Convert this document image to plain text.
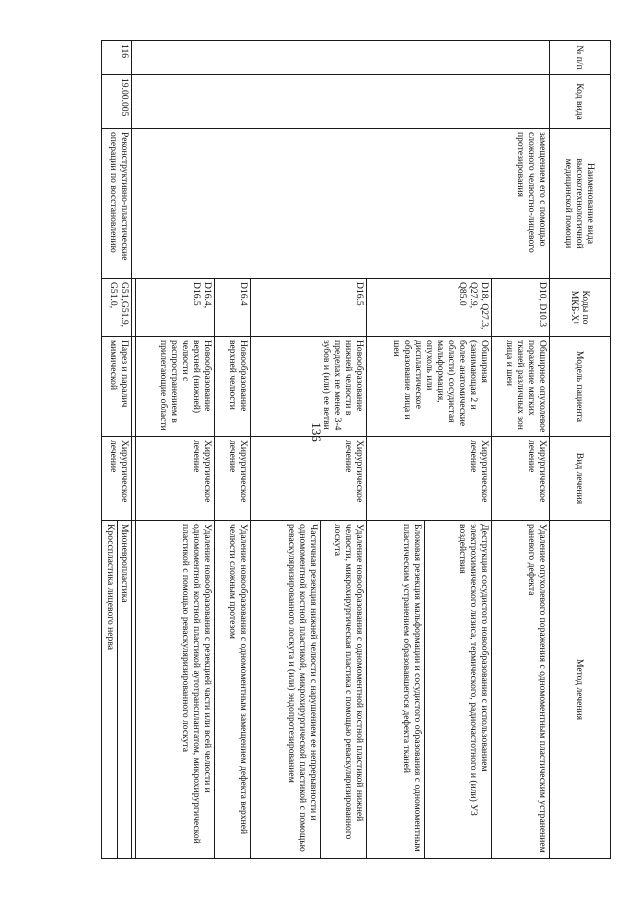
136
№ п/п	Код вида	Наименование вида высокотехнологичной медицинской помощи	Коды по МКБ-X¹	Модель пациента	Вид лечения	Метод лечения
		замещением его с помощью сложного челюстно-лицевого протезирования	D10, D10.3	Обширное опухолевое поражение мягких тканей различных зон лица и шеи	Хирургическое лечение	Удаление опухолевого поражения с одномоментным пластическим устранением раневого дефекта
			D18, Q27.3, Q27.9, Q85.0	Обширная (занимающая 2 и более анатомические области) сосудистая мальформация, опухоль или диспластическое образование лица и шеи	Хирургическое лечение	Деструкция сосудистого новообразования с использованием электрохимического лизиса, термического, радиочастотного и (или) УЗ воздействия
						Блоковая резекция мальформации и сосудистого образования с одномоментным пластическим устранением образовавшегося дефекта тканей
			D16.5	Новообразование нижней челюсти в пределах не менее 3-4 зубов и (или) ее ветви	Хирургическое лечение	Удаление новообразования с одномоментной костной пластикой нижней челюсти, микрохирургическая пластика с помощью реваскуляризированного лоскута
						Частичная резекция нижней челюсти с нарушением ее непрерывности и одномоментной костной пластикой, микрохирургической пластикой с помощью реваскуляризированного лоскута и (или) эндопротезированием
			D16.4	Новообразование верхней челюсти	Хирургическое лечение	Удаление новообразования с одномоментным замещением дефекта верхней челюсти сложным протезом
			D16.4, D16.5	Новообразование верхней (нижней) челюсти с распространением в прилегающие области	Хирургическое лечение	Удаление новообразования с резекцией части или всей челюсти и одномоментной костной пластикой аутотрансплантатом, микрохирургической пластикой с помощью реваскуляризированного лоскута

116	19.00.005	Реконструктивно-пластические операции по восстановлению	G51,G51.9, G51.0,	Парез и паралич мимической	Хирургическое лечение	Мионевропластика
						Кросспластика лицевого нерва
